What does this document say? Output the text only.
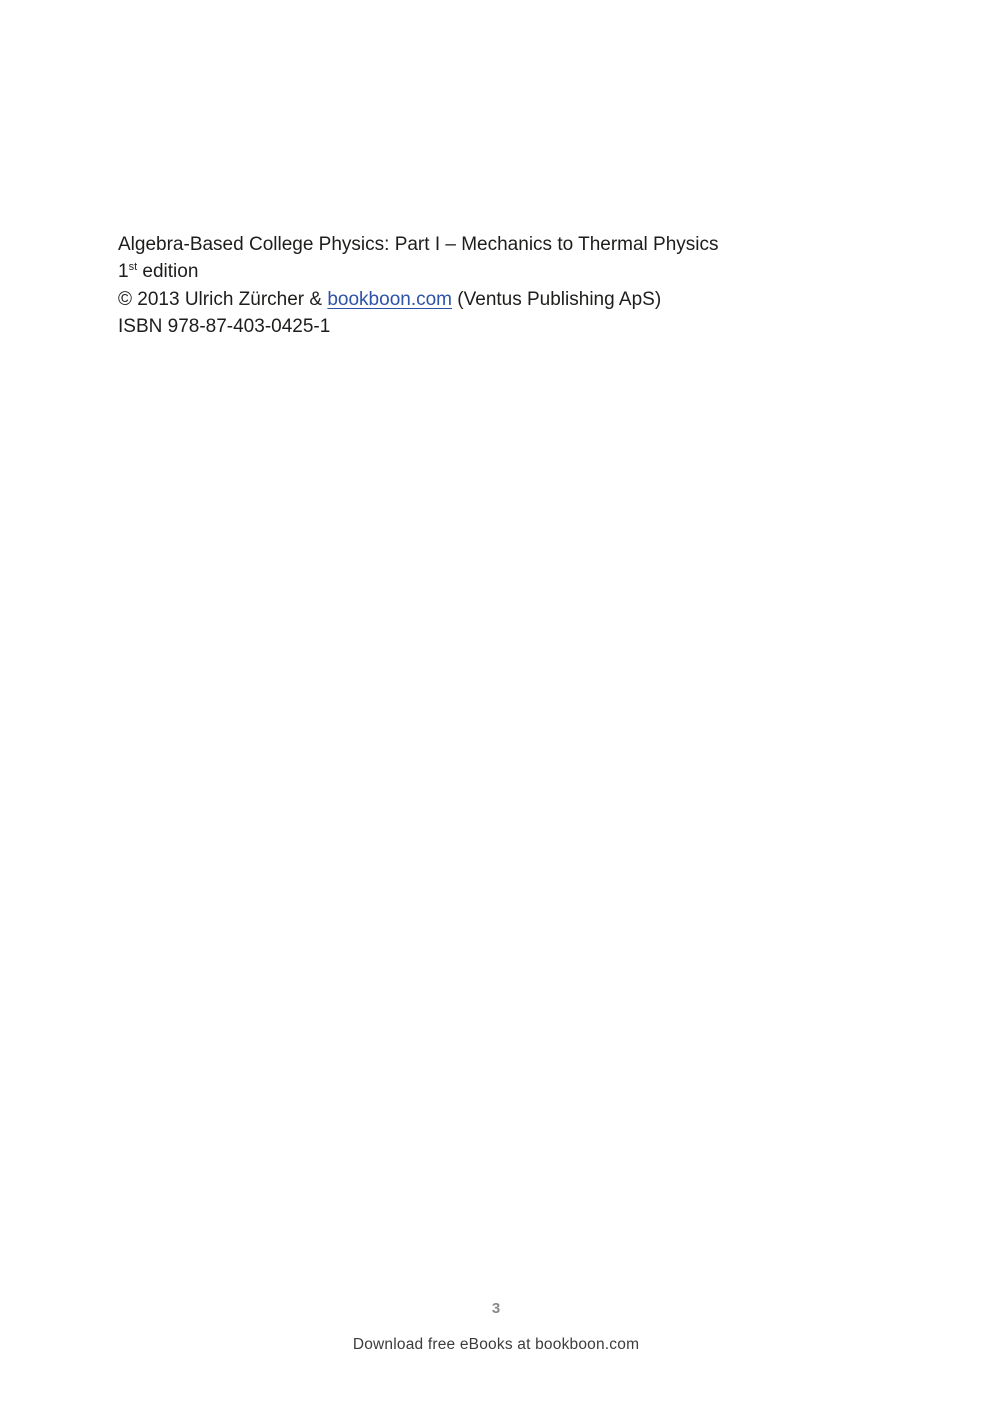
Algebra-Based College Physics: Part I – Mechanics to Thermal Physics
1st edition
© 2013 Ulrich Zürcher & bookboon.com (Ventus Publishing ApS)
ISBN 978-87-403-0425-1
3
Download free eBooks at bookboon.com
